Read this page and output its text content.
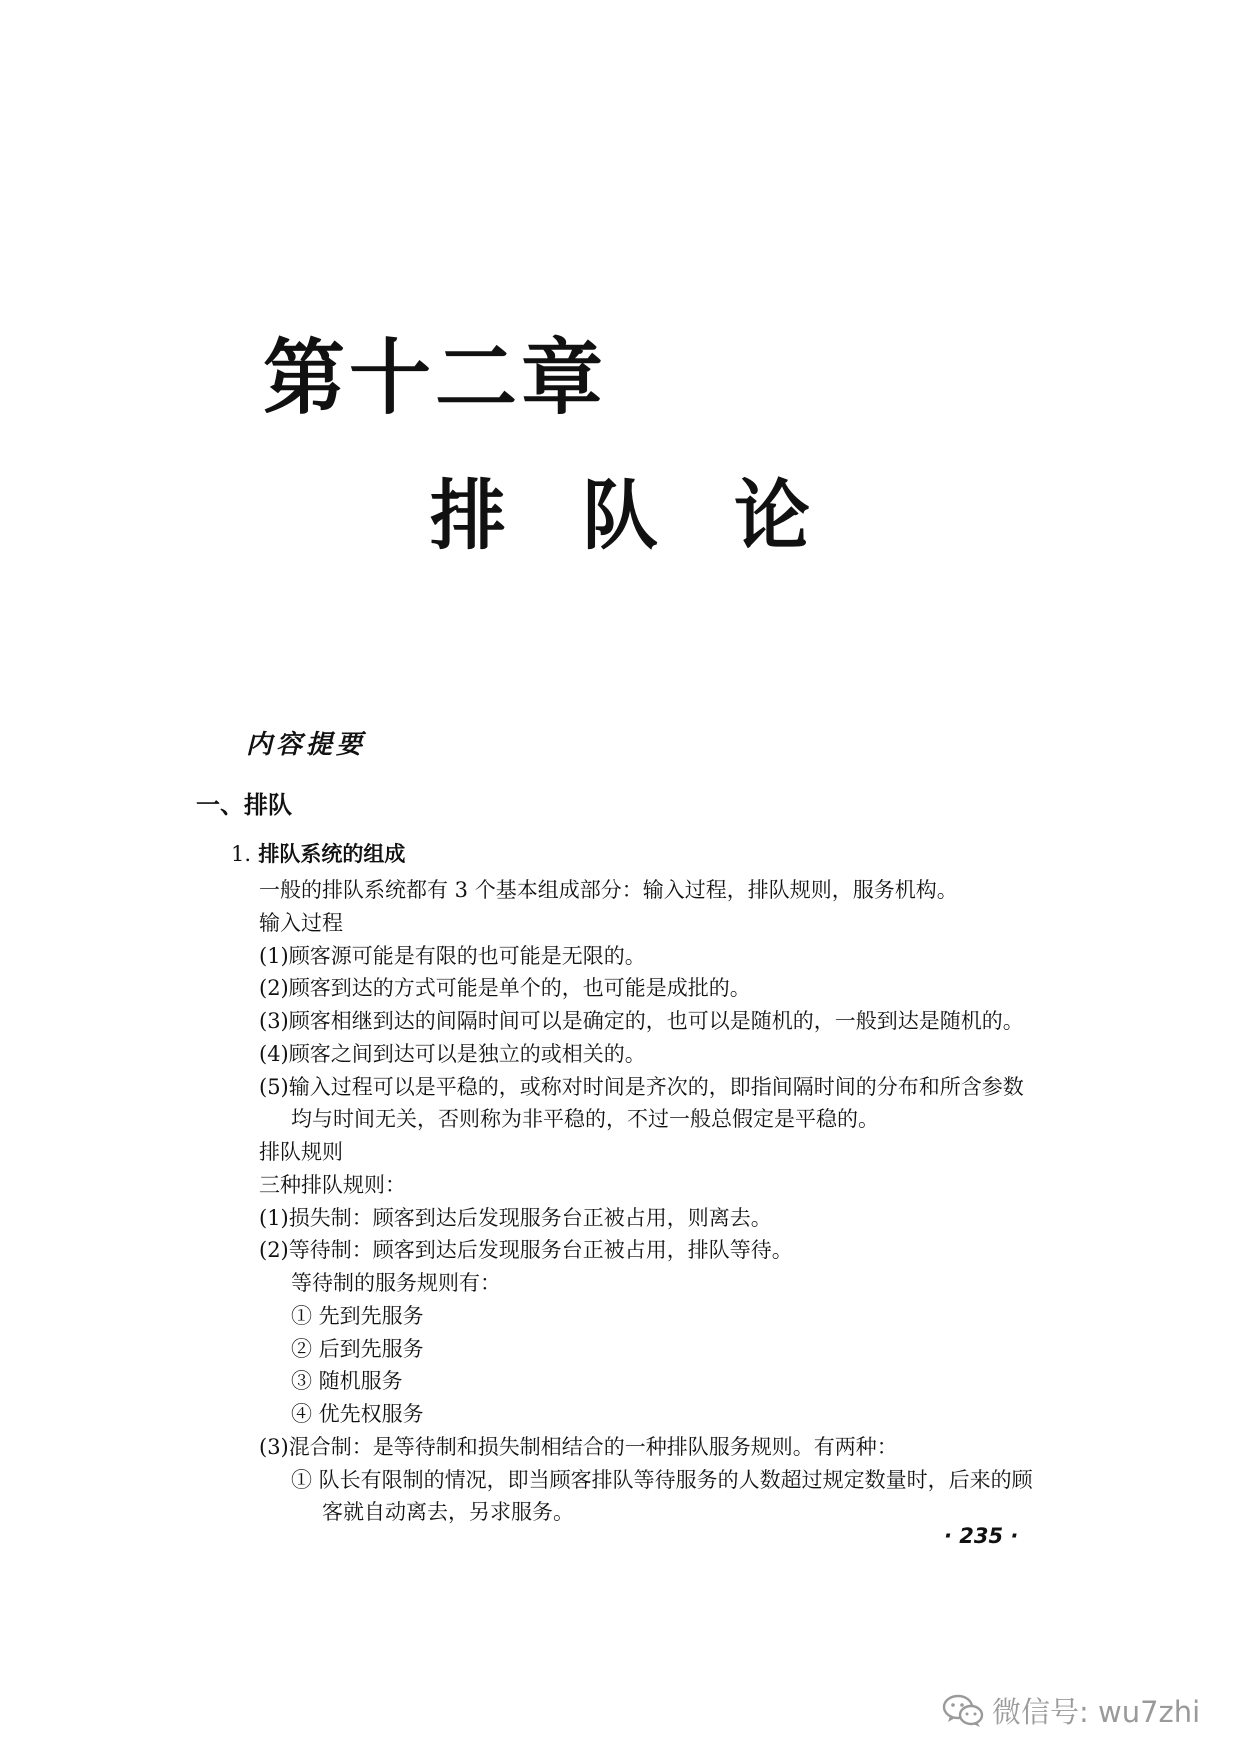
第十二章
排　队　论
内容提要
一、排队
1. 排队系统的组成
一般的排队系统都有 3 个基本组成部分：输入过程，排队规则，服务机构。
输入过程
(1)顾客源可能是有限的也可能是无限的。
(2)顾客到达的方式可能是单个的，也可能是成批的。
(3)顾客相继到达的间隔时间可以是确定的，也可以是随机的，一般到达是随机的。
(4)顾客之间到达可以是独立的或相关的。
(5)输入过程可以是平稳的，或称对时间是齐次的，即指间隔时间的分布和所含参数
均与时间无关，否则称为非平稳的，不过一般总假定是平稳的。
排队规则
三种排队规则：
(1)损失制：顾客到达后发现服务台正被占用，则离去。
(2)等待制：顾客到达后发现服务台正被占用，排队等待。
等待制的服务规则有：
① 先到先服务
② 后到先服务
③ 随机服务
④ 优先权服务
(3)混合制：是等待制和损失制相结合的一种排队服务规则。有两种：
① 队长有限制的情况，即当顾客排队等待服务的人数超过规定数量时，后来的顾
客就自动离去，另求服务。
· 235 ·
微信号: wu7zhi
